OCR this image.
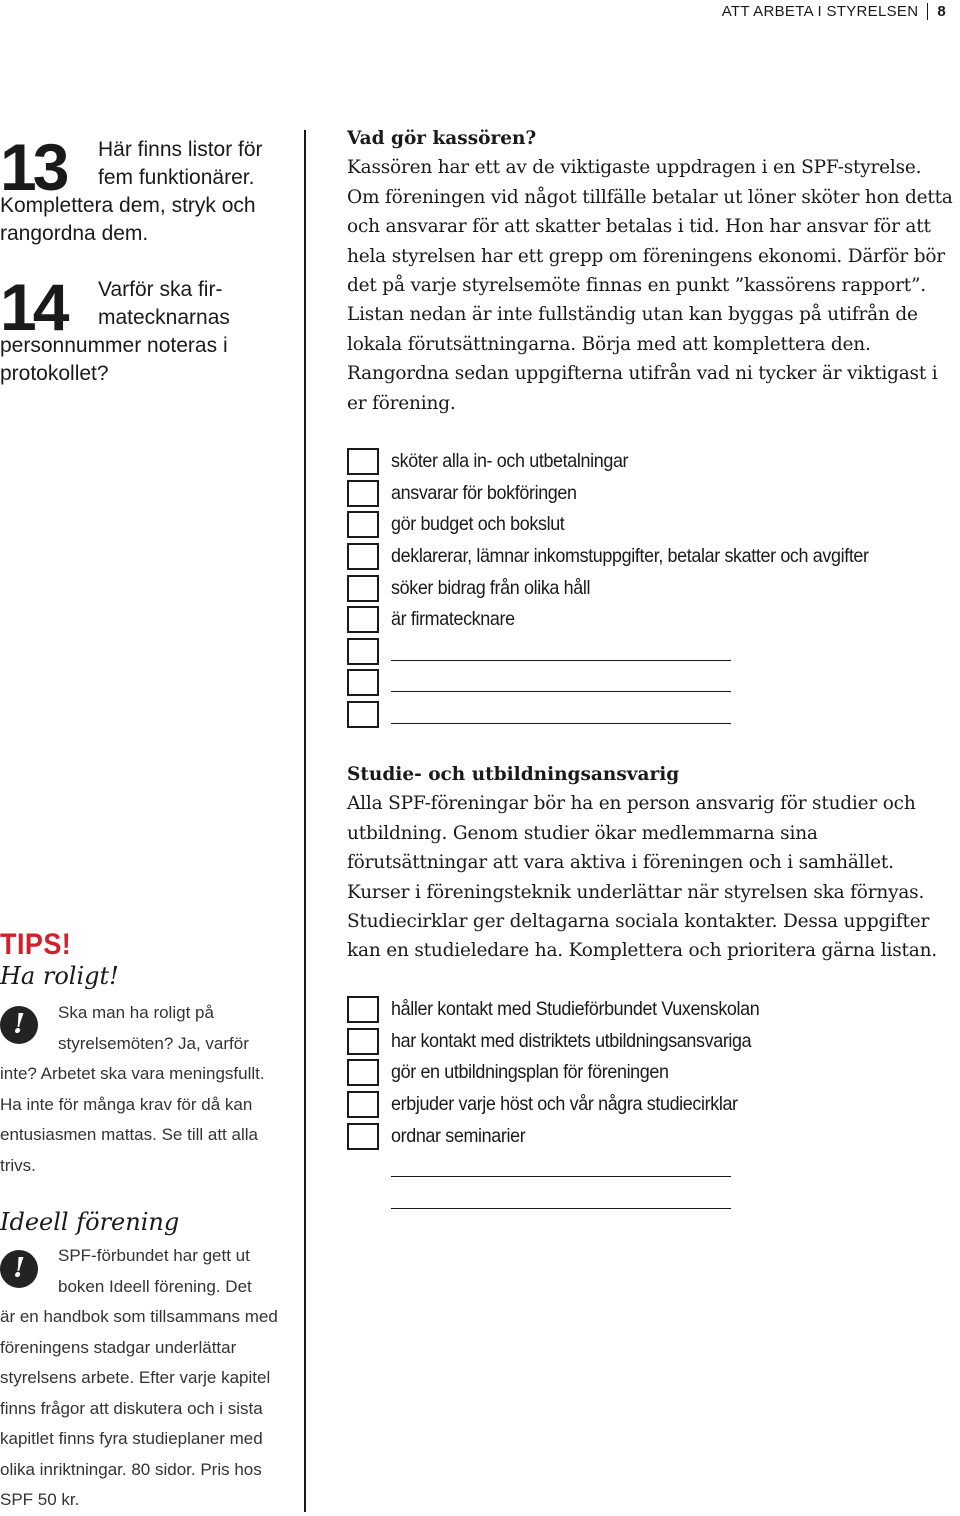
ATT ARBETA I STYRELSEN 8
13	Här finns listor för
fem funktionärer.
Komplettera dem, stryk och rangordna dem.
14	Varför ska fir-
matecknarnas
personnummer noteras i protokollet?
Vad gör kassören?
Kassören har ett av de viktigaste uppdragen i en SPF-styrelse. Om föreningen vid något tillfälle betalar ut löner sköter hon detta och ansvarar för att skatter betalas i tid. Hon har ansvar för att hela styrelsen har ett grepp om föreningens ekonomi. Därför bör det på varje styrelsemöte finnas en punkt ”kassörens rapport”. Listan nedan är inte fullständig utan kan byggas på utifrån de lokala förutsättningarna. Börja med att komplettera den. Rangordna sedan uppgifterna utifrån vad ni tycker är viktigast i er förening.
sköter alla in- och utbetalningar
ansvarar för bokföringen
gör budget och bokslut
deklarerar, lämnar inkomstuppgifter, betalar skatter och avgifter
söker bidrag från olika håll
är firmatecknare
Studie- och utbildningsansvarig
Alla SPF-föreningar bör ha en person ansvarig för studier och utbildning. Genom studier ökar medlemmarna sina förutsättningar att vara aktiva i föreningen och i samhället. Kurser i föreningsteknik underlättar när styrelsen ska förnyas. Studiecirklar ger deltagarna sociala kontakter. Dessa uppgifter kan en studieledare ha. Komplettera och prioritera gärna listan.
håller kontakt med Studieförbundet Vuxenskolan
har kontakt med distriktets utbildningsansvariga
gör en utbildningsplan för föreningen
erbjuder varje höst och vår några studiecirklar
ordnar seminarier
TIPS!
Ha roligt!
!	Ska man ha roligt på styrelsemöten? Ja, varför
inte? Arbetet ska vara meningsfullt. Ha inte för många krav för då kan entusiasmen mattas. Se till att alla trivs.
Ideell förening
!	SPF-förbundet har gett ut boken Ideell förening. Det
är en handbok som tillsammans med föreningens stadgar underlättar styrelsens arbete. Efter varje kapitel finns frågor att diskutera och i sista kapitlet finns fyra studieplaner med olika inriktningar. 80 sidor. Pris hos SPF 50 kr.
